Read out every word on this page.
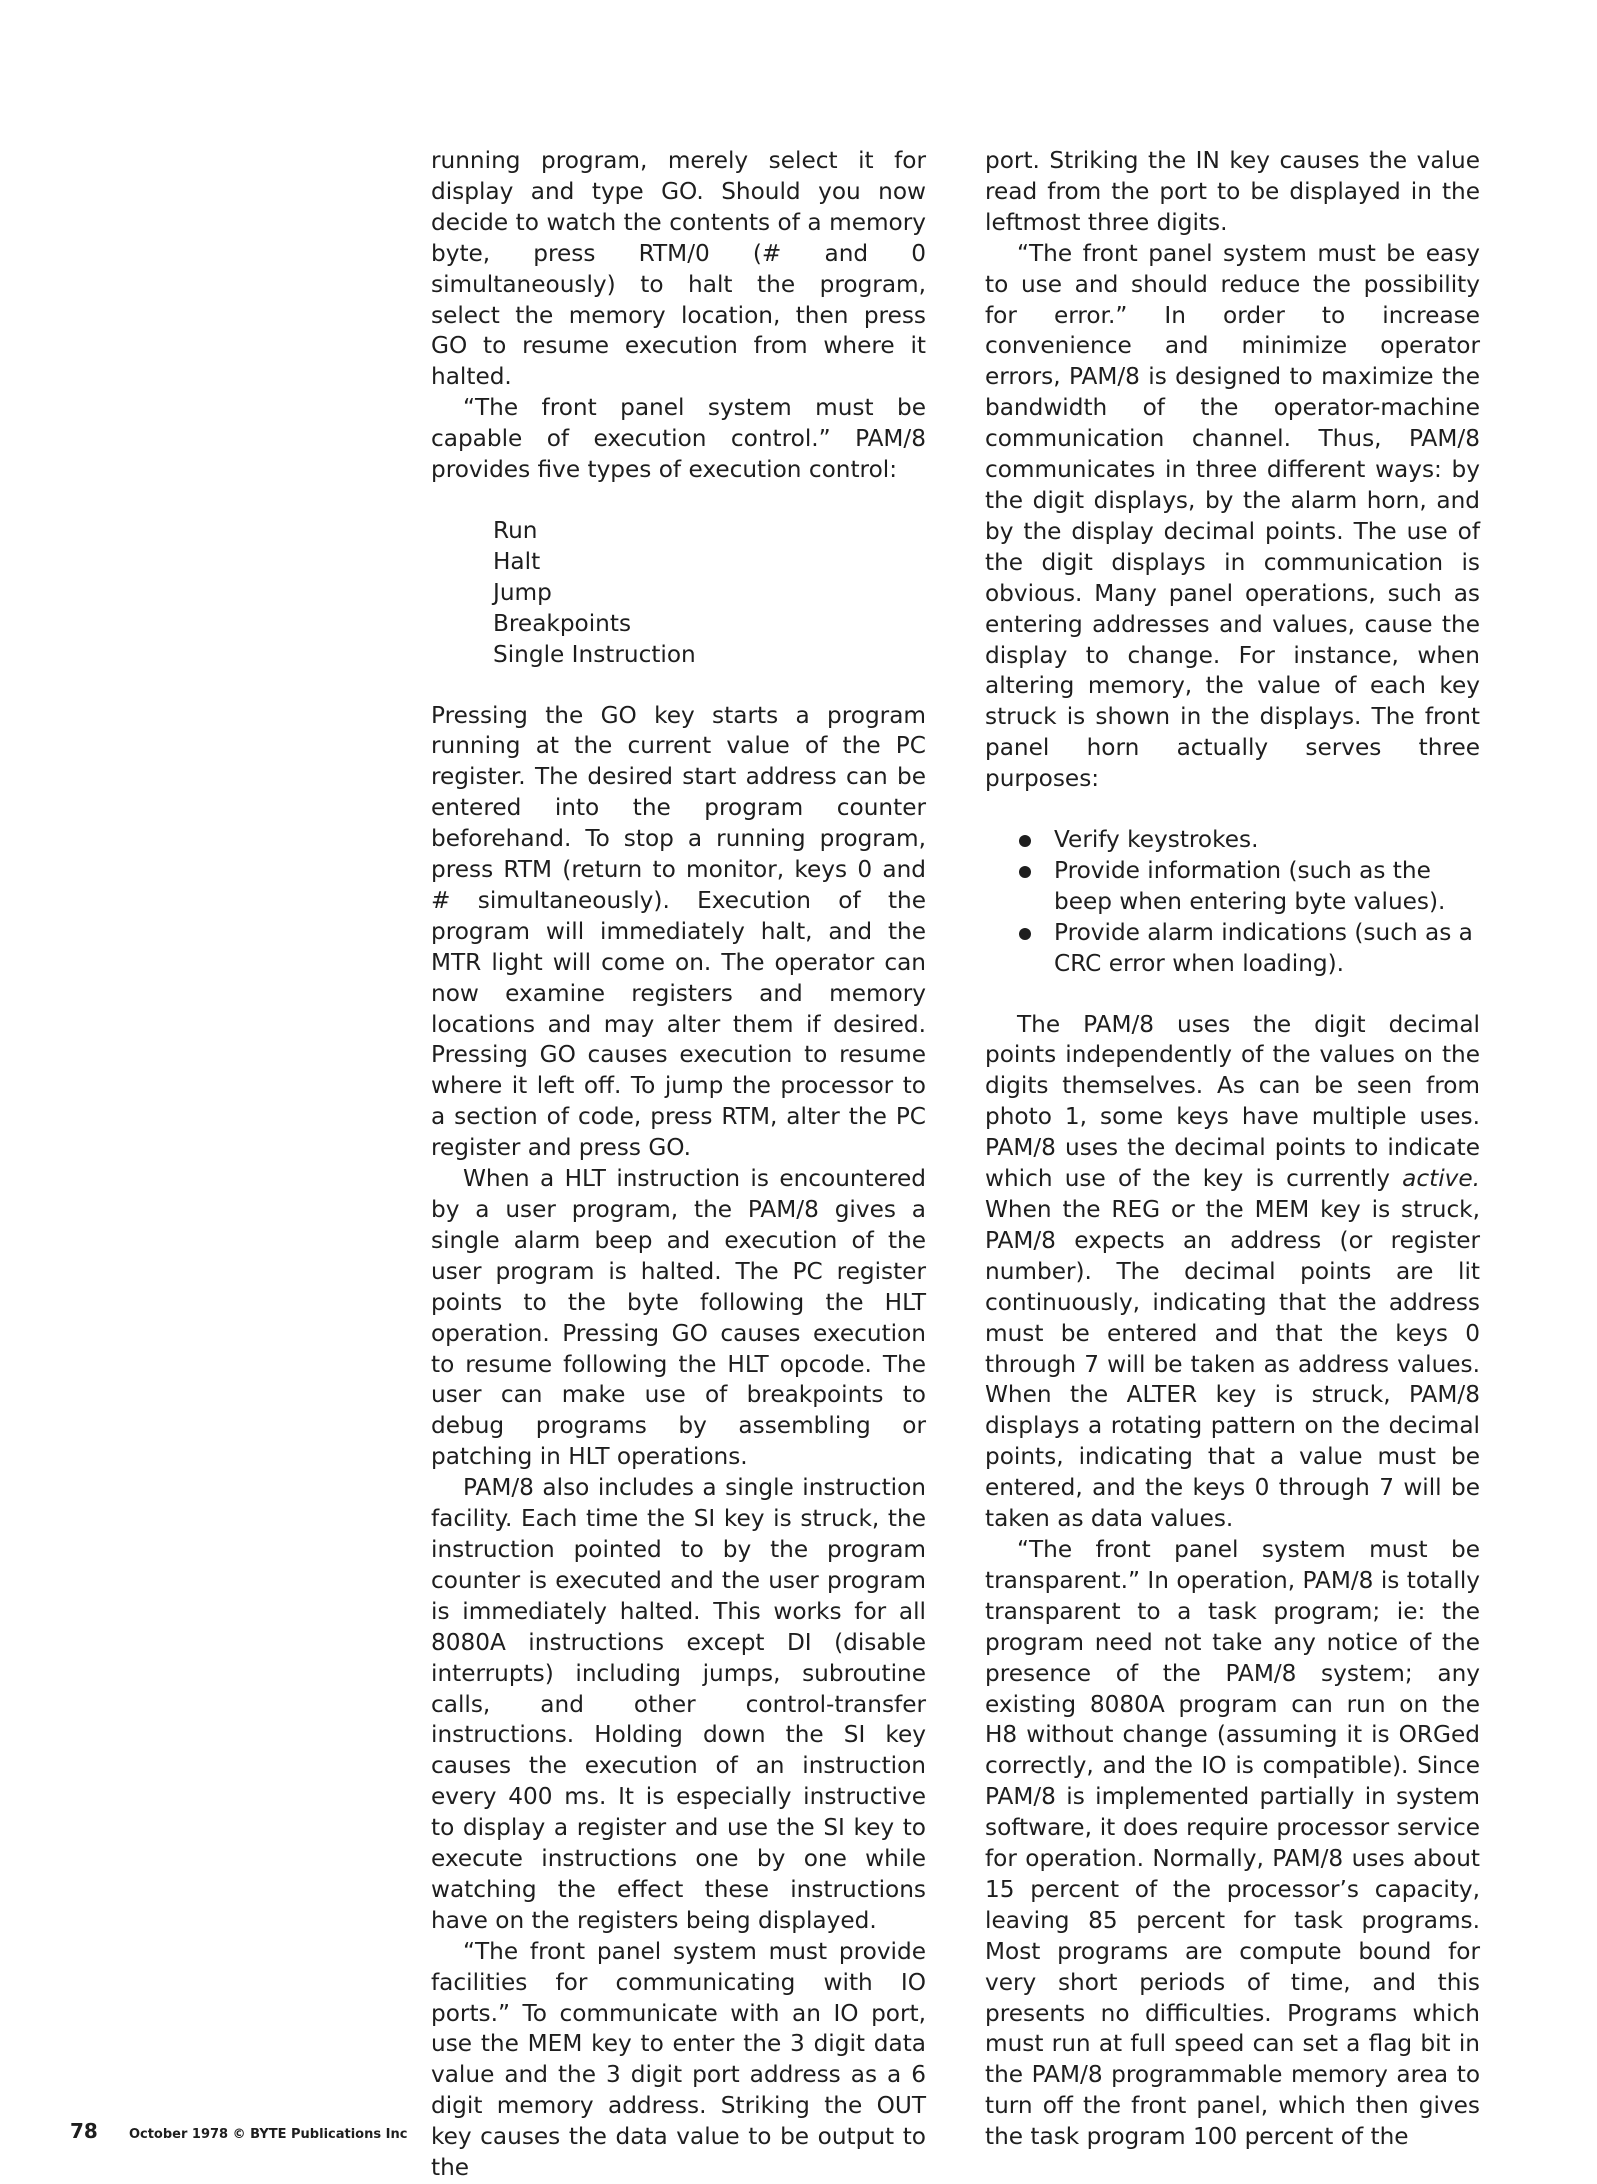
running program, merely select it for display and type GO. Should you now decide to watch the contents of a memory byte, press RTM/0 (# and 0 simultaneously) to halt the program, select the memory location, then press GO to resume execution from where it halted.

“The front panel system must be capable of execution control.” PAM/8 provides five types of execution control:

Run
Halt
Jump
Breakpoints
Single Instruction

Pressing the GO key starts a program running at the current value of the PC register. The desired start address can be entered into the program counter beforehand. To stop a running program, press RTM (return to monitor, keys 0 and # simultaneously). Execution of the program will immediately halt, and the MTR light will come on. The operator can now examine registers and memory locations and may alter them if desired. Pressing GO causes execution to resume where it left off. To jump the processor to a section of code, press RTM, alter the PC register and press GO.

When a HLT instruction is encountered by a user program, the PAM/8 gives a single alarm beep and execution of the user program is halted. The PC register points to the byte following the HLT operation. Pressing GO causes execution to resume following the HLT opcode. The user can make use of breakpoints to debug programs by assembling or patching in HLT operations.

PAM/8 also includes a single instruction facility. Each time the SI key is struck, the instruction pointed to by the program counter is executed and the user program is immediately halted. This works for all 8080A instructions except DI (disable interrupts) including jumps, subroutine calls, and other control-transfer instructions. Holding down the SI key causes the execution of an instruction every 400 ms. It is especially instructive to display a register and use the SI key to execute instructions one by one while watching the effect these instructions have on the registers being displayed.

“The front panel system must provide facilities for communicating with IO ports.” To communicate with an IO port, use the MEM key to enter the 3 digit data value and the 3 digit port address as a 6 digit memory address. Striking the OUT key causes the data value to be output to the

port. Striking the IN key causes the value read from the port to be displayed in the leftmost three digits.

“The front panel system must be easy to use and should reduce the possibility for error.” In order to increase convenience and minimize operator errors, PAM/8 is designed to maximize the bandwidth of the operator-machine communication channel. Thus, PAM/8 communicates in three different ways: by the digit displays, by the alarm horn, and by the display decimal points. The use of the digit displays in communication is obvious. Many panel operations, such as entering addresses and values, cause the display to change. For instance, when altering memory, the value of each key struck is shown in the displays. The front panel horn actually serves three purposes:

Verify keystrokes.
Provide information (such as the beep when entering byte values).
Provide alarm indications (such as a CRC error when loading).

The PAM/8 uses the digit decimal points independently of the values on the digits themselves. As can be seen from photo 1, some keys have multiple uses. PAM/8 uses the decimal points to indicate which use of the key is currently active. When the REG or the MEM key is struck, PAM/8 expects an address (or register number). The decimal points are lit continuously, indicating that the address must be entered and that the keys 0 through 7 will be taken as address values. When the ALTER key is struck, PAM/8 displays a rotating pattern on the decimal points, indicating that a value must be entered, and the keys 0 through 7 will be taken as data values.

“The front panel system must be transparent.” In operation, PAM/8 is totally transparent to a task program; ie: the program need not take any notice of the presence of the PAM/8 system; any existing 8080A program can run on the H8 without change (assuming it is ORGed correctly, and the IO is compatible). Since PAM/8 is implemented partially in system software, it does require processor service for operation. Normally, PAM/8 uses about 15 percent of the processor’s capacity, leaving 85 percent for task programs. Most programs are compute bound for very short periods of time, and this presents no difficulties. Programs which must run at full speed can set a flag bit in the PAM/8 programmable memory area to turn off the front panel, which then gives the task program 100 percent of the

78 October 1978 © BYTE Publications Inc
